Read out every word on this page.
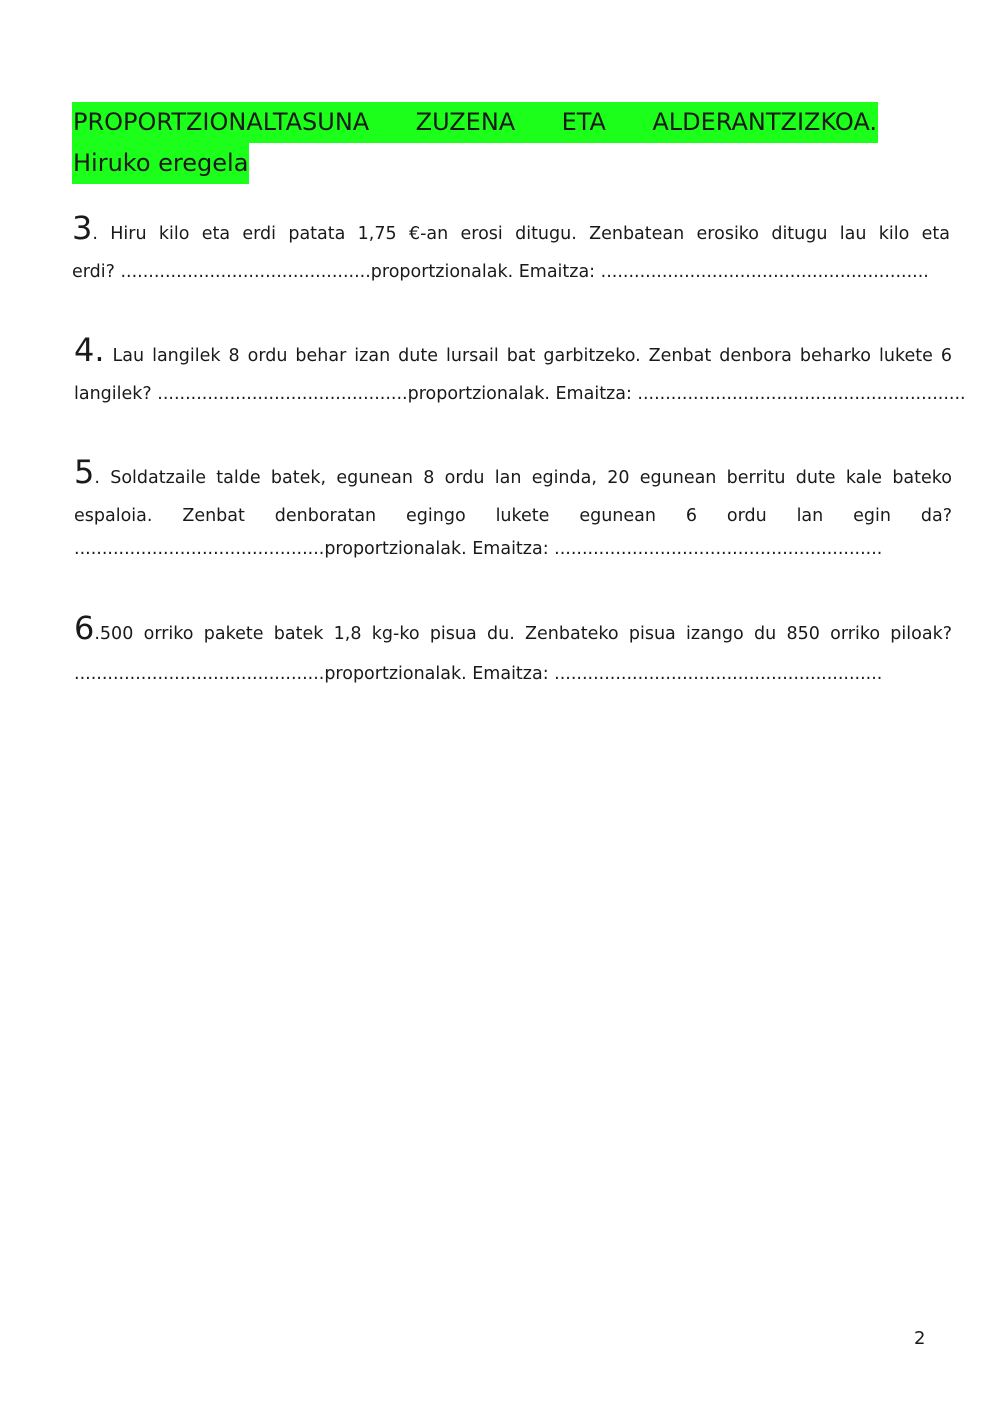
PROPORTZIONALTASUNA ZUZENA ETA ALDERANTZIZKOA.
Hiruko eregela
3. Hiru kilo eta erdi patata 1,75 €-an erosi ditugu. Zenbatean erosiko ditugu lau kilo eta
erdi? .............................................proportzionalak. Emaitza: ...........................................................
4. Lau langilek 8 ordu behar izan dute lursail bat garbitzeko. Zenbat denbora beharko lukete 6
langilek? .............................................proportzionalak. Emaitza: ...........................................................
5. Soldatzaile talde batek, egunean 8 ordu lan eginda, 20 egunean berritu dute kale bateko
espaloia. Zenbat denboratan egingo lukete egunean 6 ordu lan egin da?
.............................................proportzionalak. Emaitza: ...........................................................
6.500 orriko pakete batek 1,8 kg-ko pisua du. Zenbateko pisua izango du 850 orriko piloak?
.............................................proportzionalak. Emaitza: ...........................................................
2
